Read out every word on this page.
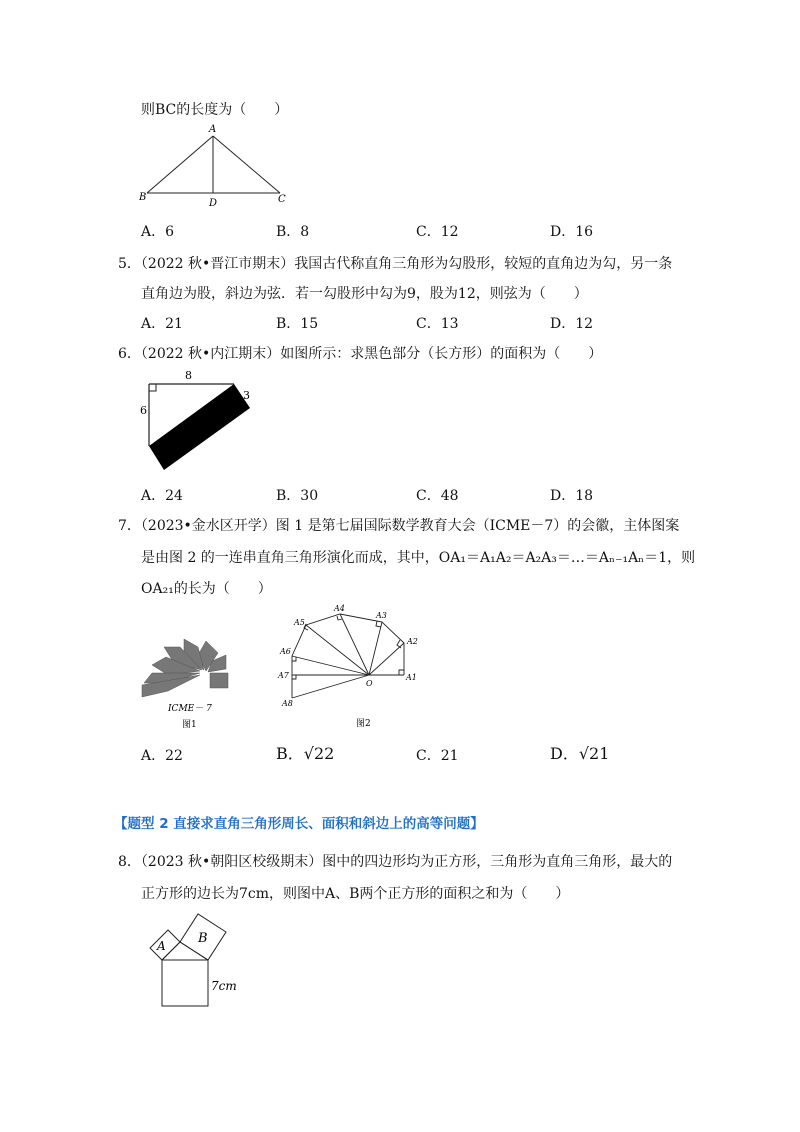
则BC的长度为（　　）
A
B	C
D
A．6	B．8	C．12	D．16
5．（2022 秋•晋江市期末）我国古代称直角三角形为勾股形，较短的直角边为勾，另一条
直角边为股，斜边为弦．若一勾股形中勾为9，股为12，则弦为（　　）
A．21	B．15	C．13	D．12
6．（2022 秋•内江期末）如图所示：求黑色部分（长方形）的面积为（　　）
8
6
3
A．24	B．30	C．48	D．18
7．（2023•金水区开学）图 1 是第七届国际数学教育大会（ICME－7）的会徽，主体图案
是由图 2 的一连串直角三角形演化而成，其中，OA₁＝A₁A₂＝A₂A₃＝…＝Aₙ₋₁Aₙ＝1，则
OA₂₁的长为（　　）
ICME－ 7
图1
A1
A2
A3
A4
A5
A6
A7
A8
O
图2
A．22	B．√22	C．21	D．√21
【题型 2 直接求直角三角形周长、面积和斜边上的高等问题】
8．（2023 秋•朝阳区校级期末）图中的四边形均为正方形，三角形为直角三角形，最大的
正方形的边长为7cm，则图中A、B两个正方形的面积之和为（　　）
A B
7cm
